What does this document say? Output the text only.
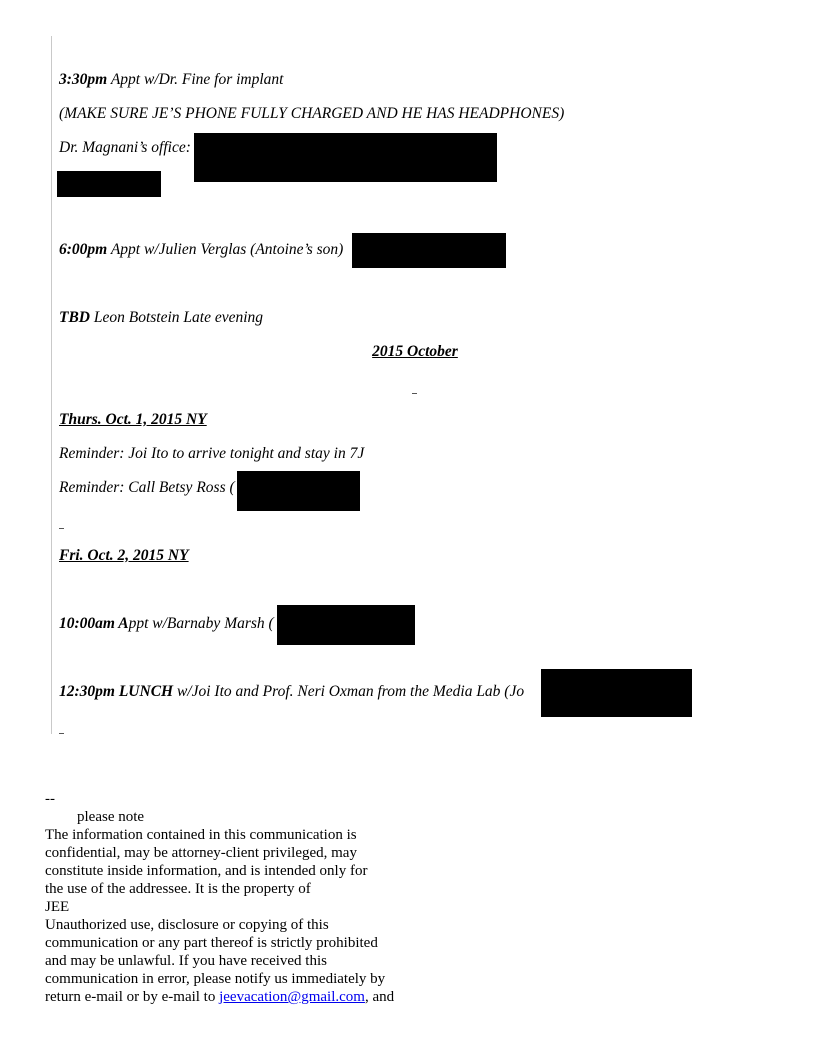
3:30pm Appt w/Dr. Fine for implant
(MAKE SURE JE’S PHONE FULLY CHARGED AND HE HAS HEADPHONES)
Dr. Magnani’s office:
6:00pm Appt w/Julien Verglas (Antoine’s son)
TBD Leon Botstein Late evening
2015 October
Thurs. Oct. 1, 2015 NY
Reminder: Joi Ito to arrive tonight and stay in 7J
Reminder: Call Betsy Ross (
Fri. Oct. 2, 2015 NY
10:00am Appt w/Barnaby Marsh (
12:30pm LUNCH w/Joi Ito and Prof. Neri Oxman from the Media Lab (Jo
--
please note
The information contained in this communication is
confidential, may be attorney-client privileged, may
constitute inside information, and is intended only for
the use of the addressee. It is the property of
JEE
Unauthorized use, disclosure or copying of this
communication or any part thereof is strictly prohibited
and may be unlawful. If you have received this
communication in error, please notify us immediately by
return e-mail or by e-mail to jeevacation@gmail.com, and
